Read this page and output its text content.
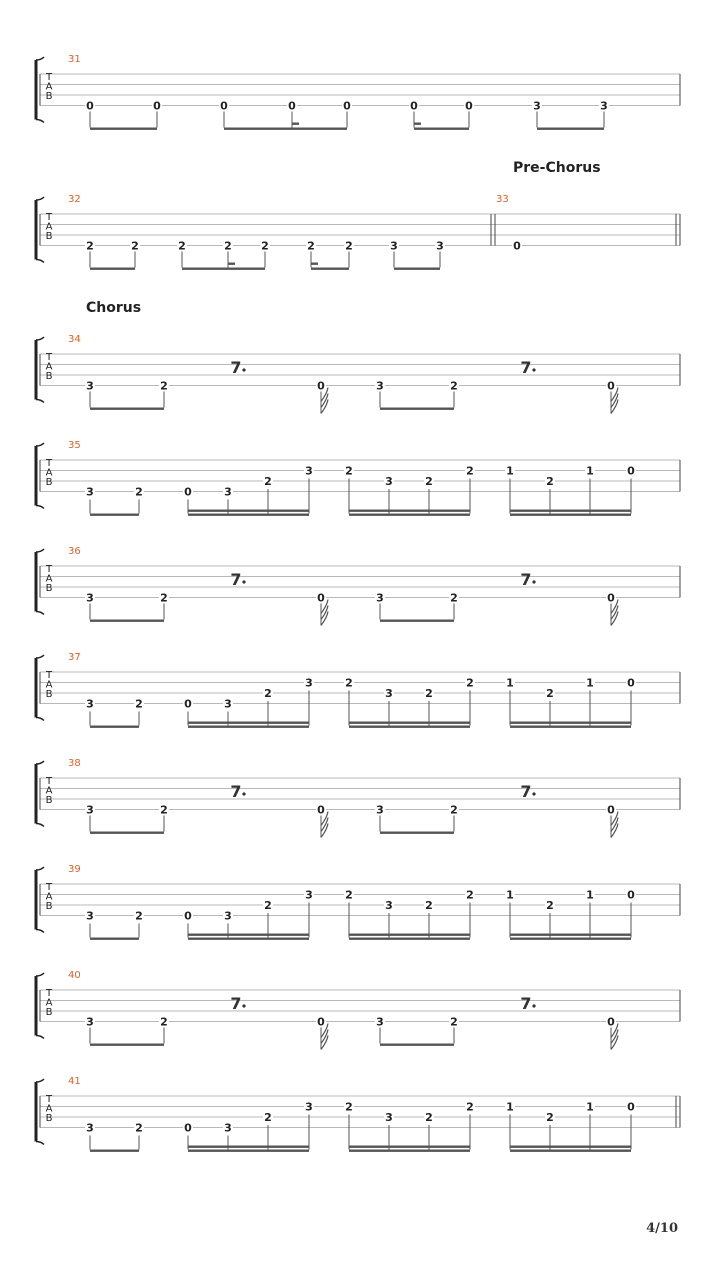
T
A
B
31
0	0	0	0	0	0	0	3	3
T
A
B
32
2	2	2	2	2	2	2	3	3
33
0
T
A
B
34
3	2
7
0	3	2
7
0
T
A
B
35
3	2	0	3
2
3	2
3	2
2	1
2
1	0
T
A
B
36
3	2
7
0	3	2
7
0
T
A
B
37
3	2	0	3
2
3	2
3	2
2	1
2
1	0
T
A
B
38
3	2
7
0	3	2
7
0
T
A
B
39
3	2	0	3
2
3	2
3	2
2	1
2
1	0
T
A
B
40
3	2
7
0	3	2
7
0
T
A
B
41
3	2	0	3
2
3	2
3	2
2	1
2
1	0
Pre-Chorus
Chorus
4/10
